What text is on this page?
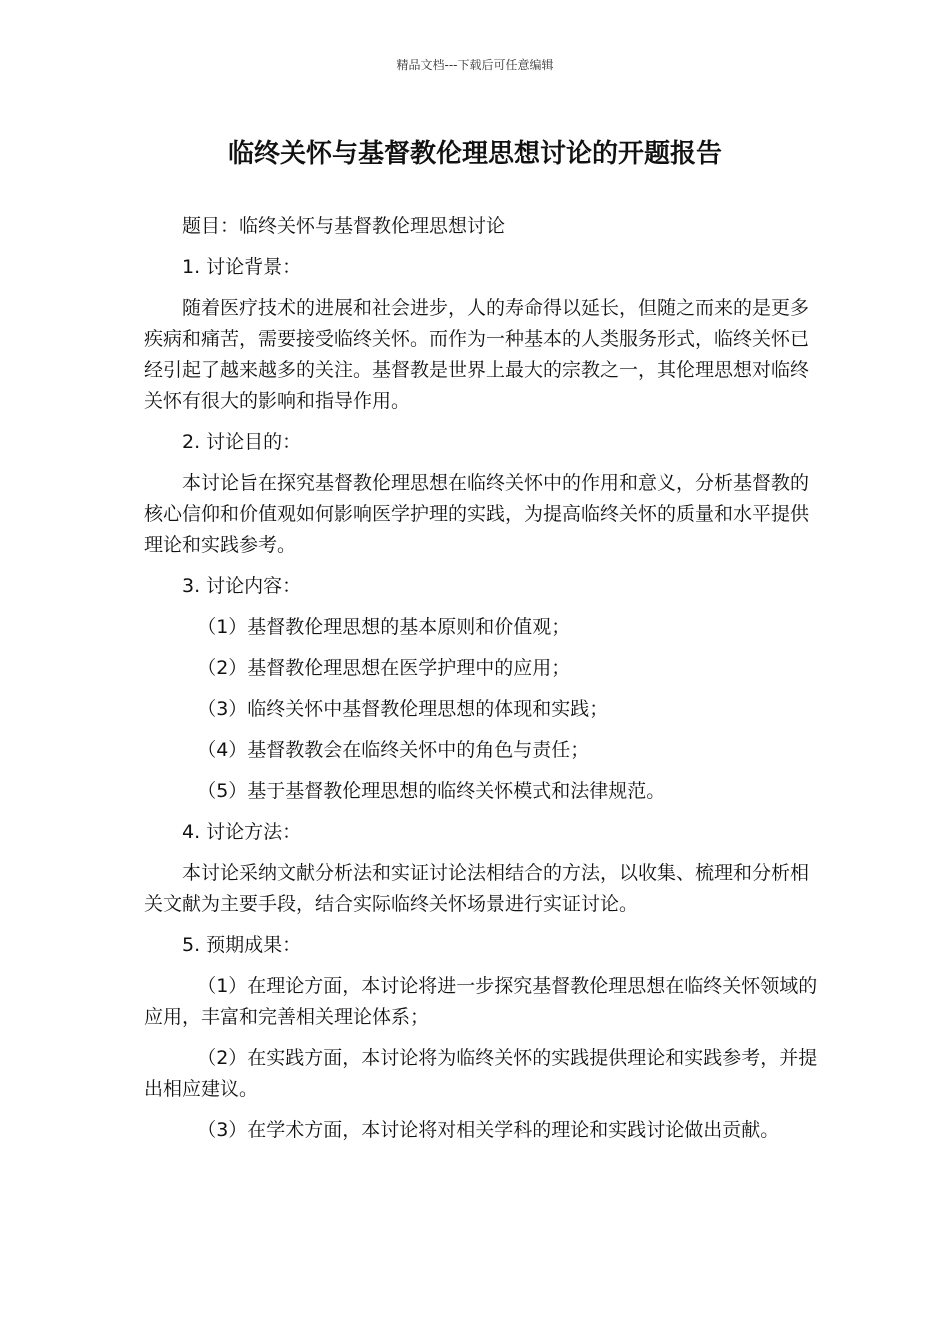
精品文档---下载后可任意编辑
临终关怀与基督教伦理思想讨论的开题报告

题目：临终关怀与基督教伦理思想讨论

1. 讨论背景：

随着医疗技术的进展和社会进步，人的寿命得以延长，但随之而来的是更多疾病和痛苦，需要接受临终关怀。而作为一种基本的人类服务形式，临终关怀已经引起了越来越多的关注。基督教是世界上最大的宗教之一，其伦理思想对临终关怀有很大的影响和指导作用。

2. 讨论目的：

本讨论旨在探究基督教伦理思想在临终关怀中的作用和意义，分析基督教的核心信仰和价值观如何影响医学护理的实践，为提高临终关怀的质量和水平提供理论和实践参考。

3. 讨论内容：

（1）基督教伦理思想的基本原则和价值观；

（2）基督教伦理思想在医学护理中的应用；

（3）临终关怀中基督教伦理思想的体现和实践；

（4）基督教教会在临终关怀中的角色与责任；

（5）基于基督教伦理思想的临终关怀模式和法律规范。

4. 讨论方法：

本讨论采纳文献分析法和实证讨论法相结合的方法，以收集、梳理和分析相关文献为主要手段，结合实际临终关怀场景进行实证讨论。

5. 预期成果：

（1）在理论方面，本讨论将进一步探究基督教伦理思想在临终关怀领域的应用，丰富和完善相关理论体系；

（2）在实践方面，本讨论将为临终关怀的实践提供理论和实践参考，并提出相应建议。

（3）在学术方面，本讨论将对相关学科的理论和实践讨论做出贡献。
